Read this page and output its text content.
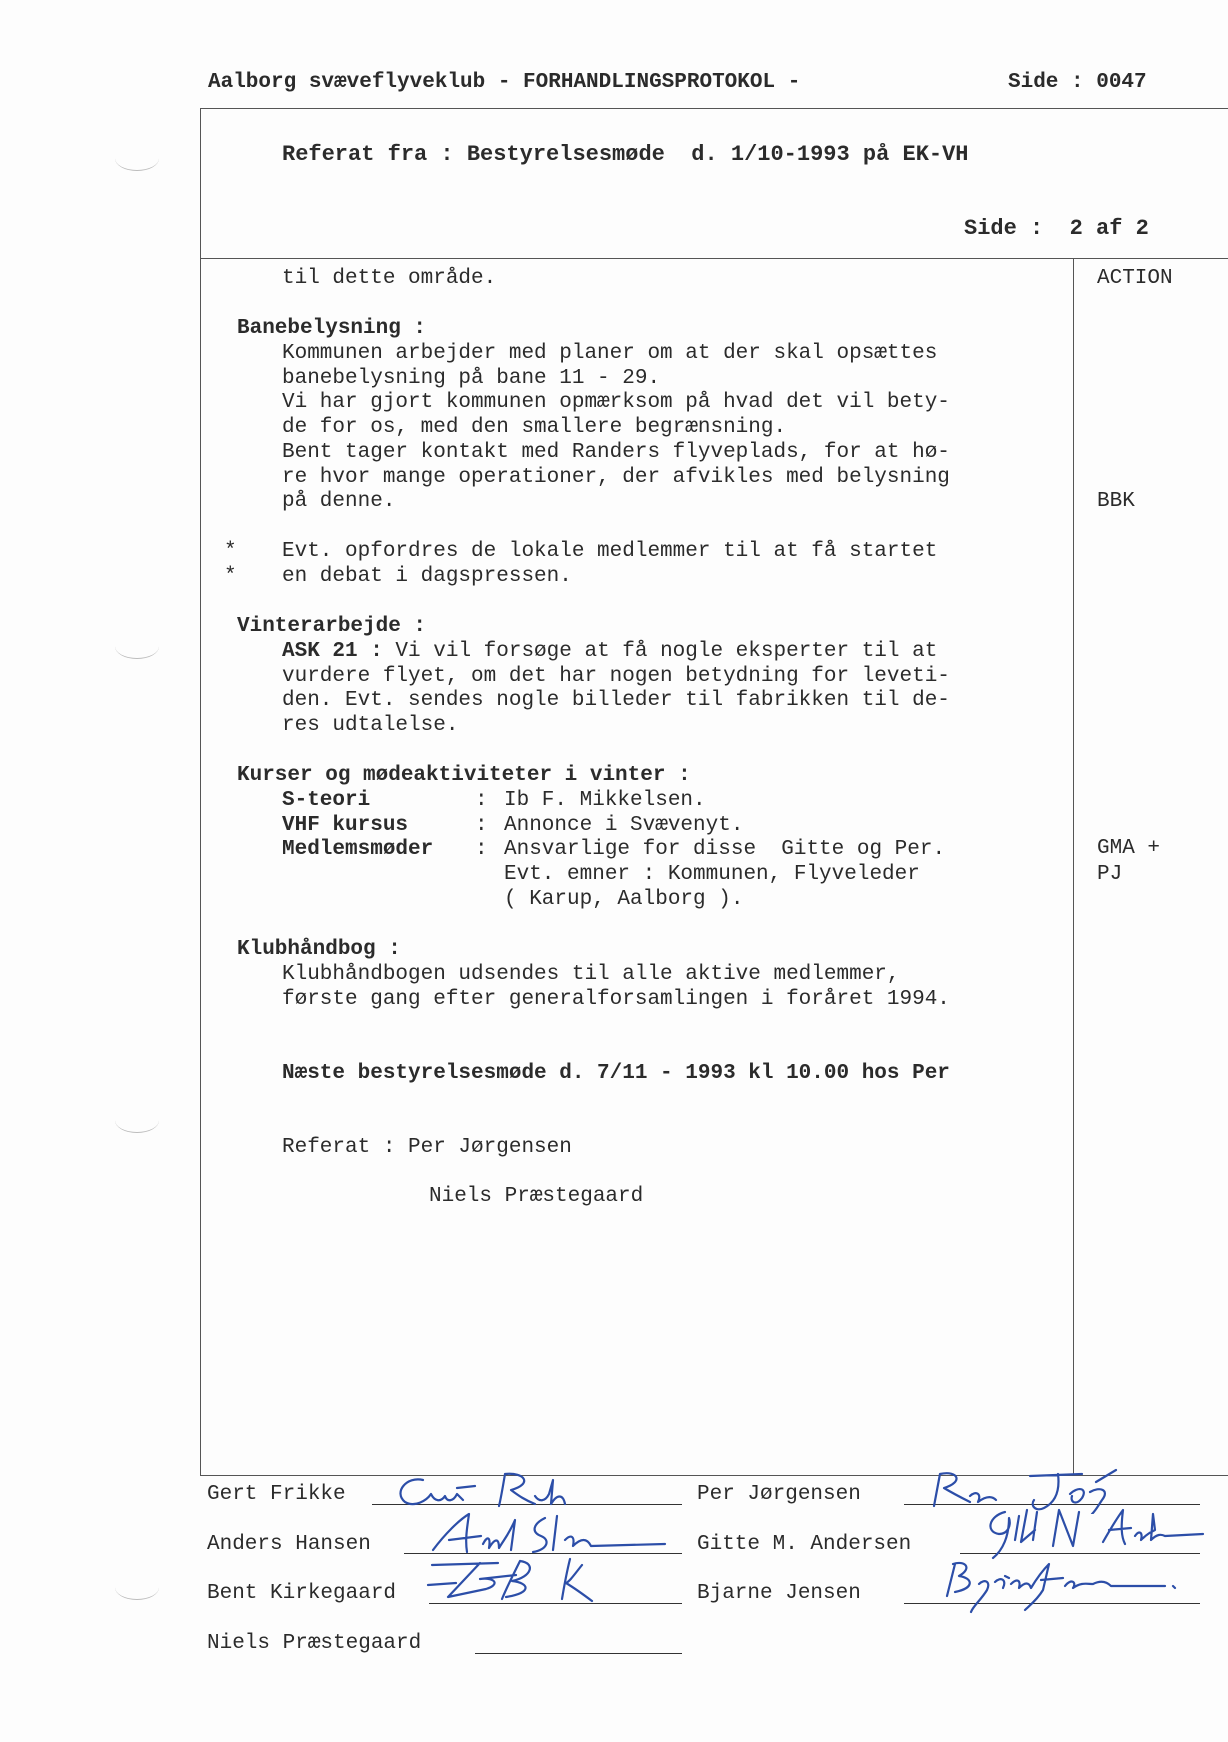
Aalborg svæveflyveklub - FORHANDLINGSPROTOKOL -	Side : 0047
Referat fra : Bestyrelsesmøde  d. 1/10-1993 på EK-VH
Side :  2 af 2
ACTION
BBK
GMA +
PJ
til dette område.
Banebelysning :
Kommunen arbejder med planer om at der skal opsættes
banebelysning på bane 11 - 29.
Vi har gjort kommunen opmærksom på hvad det vil bety-
de for os, med den smallere begrænsning.
Bent tager kontakt med Randers flyveplads, for at hø-
re hvor mange operationer, der afvikles med belysning
på denne.
*
*
Evt. opfordres de lokale medlemmer til at få startet
en debat i dagspressen.
Vinterarbejde :
ASK 21 : Vi vil forsøge at få nogle eksperter til at
vurdere flyet, om det har nogen betydning for leveti-
den. Evt. sendes nogle billeder til fabrikken til de-
res udtalelse.
Kurser og mødeaktiviteter i vinter :
S-teori	: Ib F. Mikkelsen.
VHF kursus	: Annonce i Svævenyt.
Medlemsmøder : Ansvarlige for disse  Gitte og Per.
Evt. emner : Kommunen, Flyveleder
( Karup, Aalborg ).
Klubhåndbog :
Klubhåndbogen udsendes til alle aktive medlemmer,
første gang efter generalforsamlingen i foråret 1994.
Næste bestyrelsesmøde d. 7/11 - 1993 kl 10.00 hos Per
Referat : Per Jørgensen
Niels Præstegaard
Gert Frikke	Per Jørgensen
Anders Hansen	Gitte M. Andersen
Bent Kirkegaard	Bjarne Jensen
Niels Præstegaard
